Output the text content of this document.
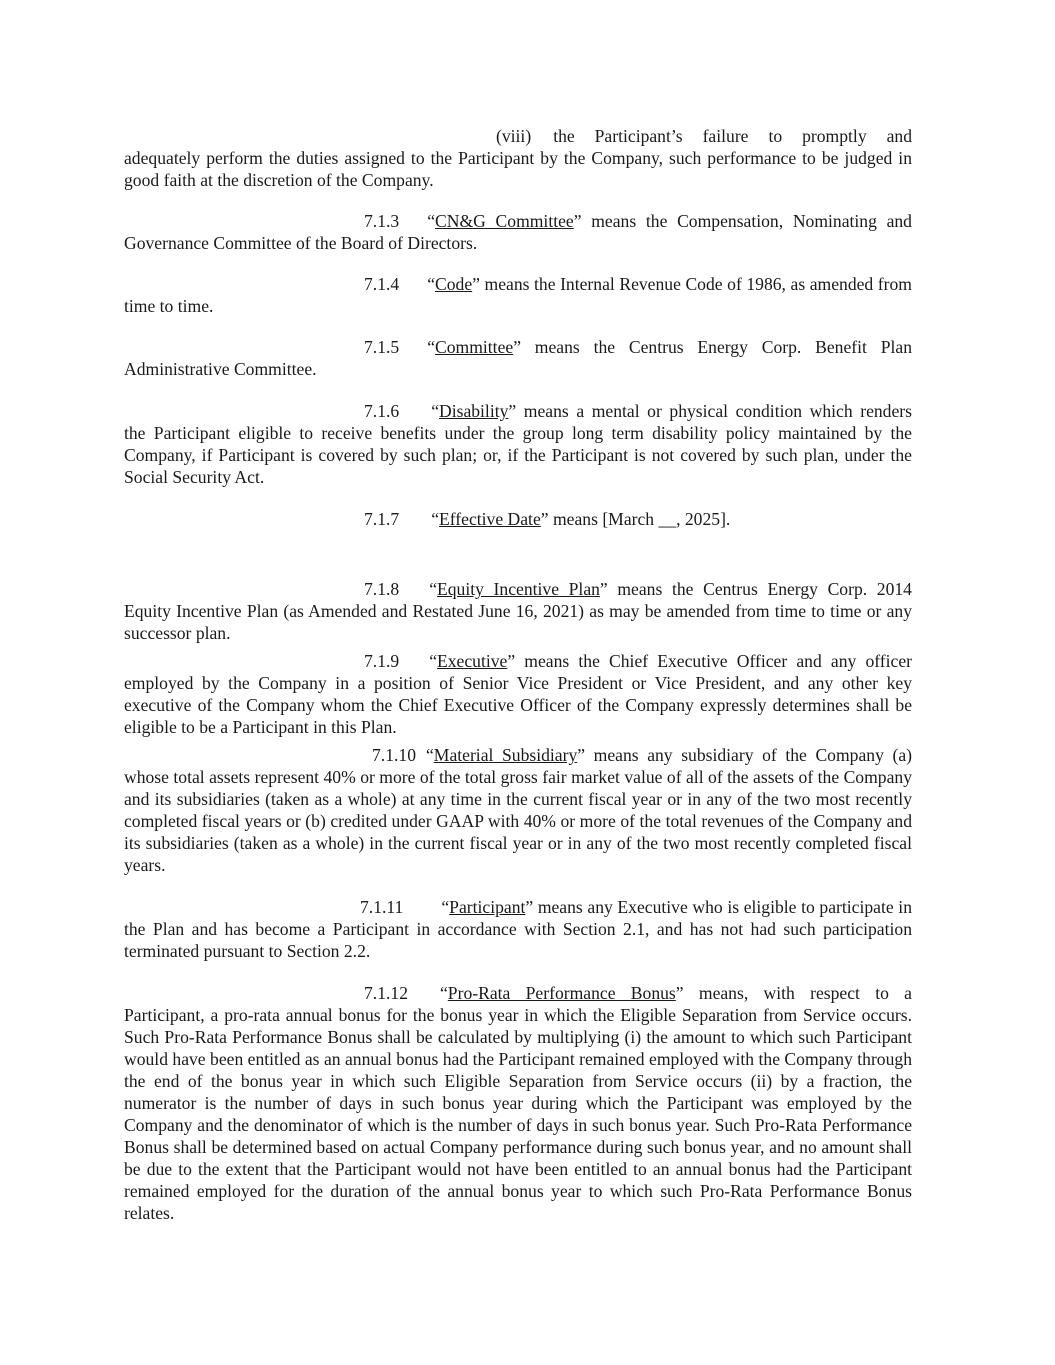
(viii) the Participant’s failure to promptly and adequately perform the duties assigned to the Participant by the Company, such performance to be judged in good faith at the discretion of the Company.

7.1.3 “CN&G Committee” means the Compensation, Nominating and Governance Committee of the Board of Directors.

7.1.4 “Code” means the Internal Revenue Code of 1986, as amended from time to time.

7.1.5 “Committee” means the Centrus Energy Corp. Benefit Plan Administrative Committee.

7.1.6 “Disability” means a mental or physical condition which renders the Participant eligible to receive benefits under the group long term disability policy maintained by the Company, if Participant is covered by such plan; or, if the Participant is not covered by such plan, under the Social Security Act.

7.1.7 “Effective Date” means [March __, 2025].

7.1.8 “Equity Incentive Plan” means the Centrus Energy Corp. 2014 Equity Incentive Plan (as Amended and Restated June 16, 2021) as may be amended from time to time or any successor plan.

7.1.9 “Executive” means the Chief Executive Officer and any officer employed by the Company in a position of Senior Vice President or Vice President, and any other key executive of the Company whom the Chief Executive Officer of the Company expressly determines shall be eligible to be a Participant in this Plan.

7.1.10 “Material Subsidiary” means any subsidiary of the Company (a) whose total assets represent 40% or more of the total gross fair market value of all of the assets of the Company and its subsidiaries (taken as a whole) at any time in the current fiscal year or in any of the two most recently completed fiscal years or (b) credited under GAAP with 40% or more of the total revenues of the Company and its subsidiaries (taken as a whole) in the current fiscal year or in any of the two most recently completed fiscal years.

7.1.11 “Participant” means any Executive who is eligible to participate in the Plan and has become a Participant in accordance with Section 2.1, and has not had such participation terminated pursuant to Section 2.2.

7.1.12 “Pro-Rata Performance Bonus” means, with respect to a Participant, a pro-rata annual bonus for the bonus year in which the Eligible Separation from Service occurs. Such Pro-Rata Performance Bonus shall be calculated by multiplying (i) the amount to which such Participant would have been entitled as an annual bonus had the Participant remained employed with the Company through the end of the bonus year in which such Eligible Separation from Service occurs (ii) by a fraction, the numerator is the number of days in such bonus year during which the Participant was employed by the Company and the denominator of which is the number of days in such bonus year. Such Pro-Rata Performance Bonus shall be determined based on actual Company performance during such bonus year, and no amount shall be due to the extent that the Participant would not have been entitled to an annual bonus had the Participant remained employed for the duration of the annual bonus year to which such Pro-Rata Performance Bonus relates.
